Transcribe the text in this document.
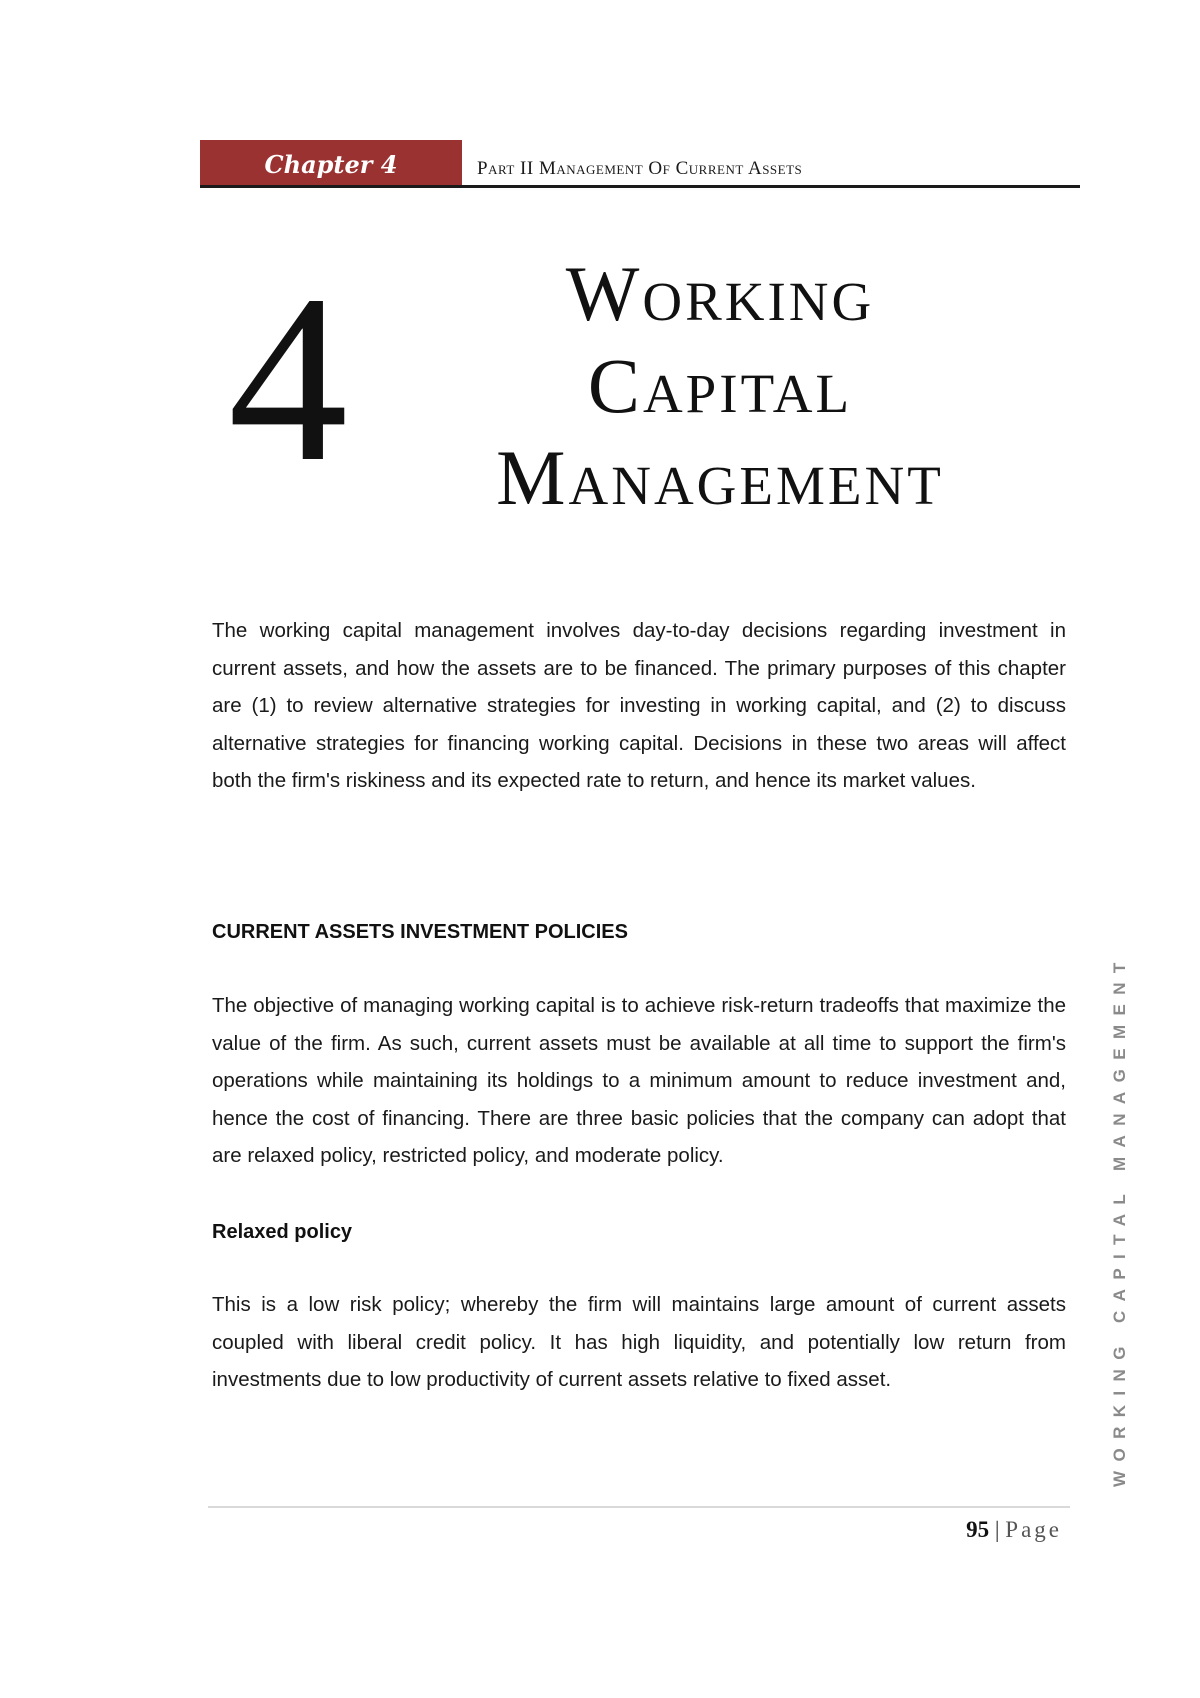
Chapter 4	Part II Management Of Current Assets
4	Working
Capital
Management

The working capital management involves day-to-day decisions regarding investment in current assets, and how the assets are to be financed. The primary purposes of this chapter are (1) to review alternative strategies for investing in working capital, and (2) to discuss alternative strategies for financing working capital. Decisions in these two areas will affect both the firm's riskiness and its expected rate to return, and hence its market values.

CURRENT ASSETS INVESTMENT POLICIES

The objective of managing working capital is to achieve risk-return tradeoffs that maximize the value of the firm. As such, current assets must be available at all time to support the firm's operations while maintaining its holdings to a minimum amount to reduce investment and, hence the cost of financing. There are three basic policies that the company can adopt that are relaxed policy, restricted policy, and moderate policy.

Relaxed policy

This is a low risk policy; whereby the firm will maintains large amount of current assets coupled with liberal credit policy. It has high liquidity, and potentially low return from investments due to low productivity of current assets relative to fixed asset.	WORKING CAPITAL MANAGEMENT
95 | Page
